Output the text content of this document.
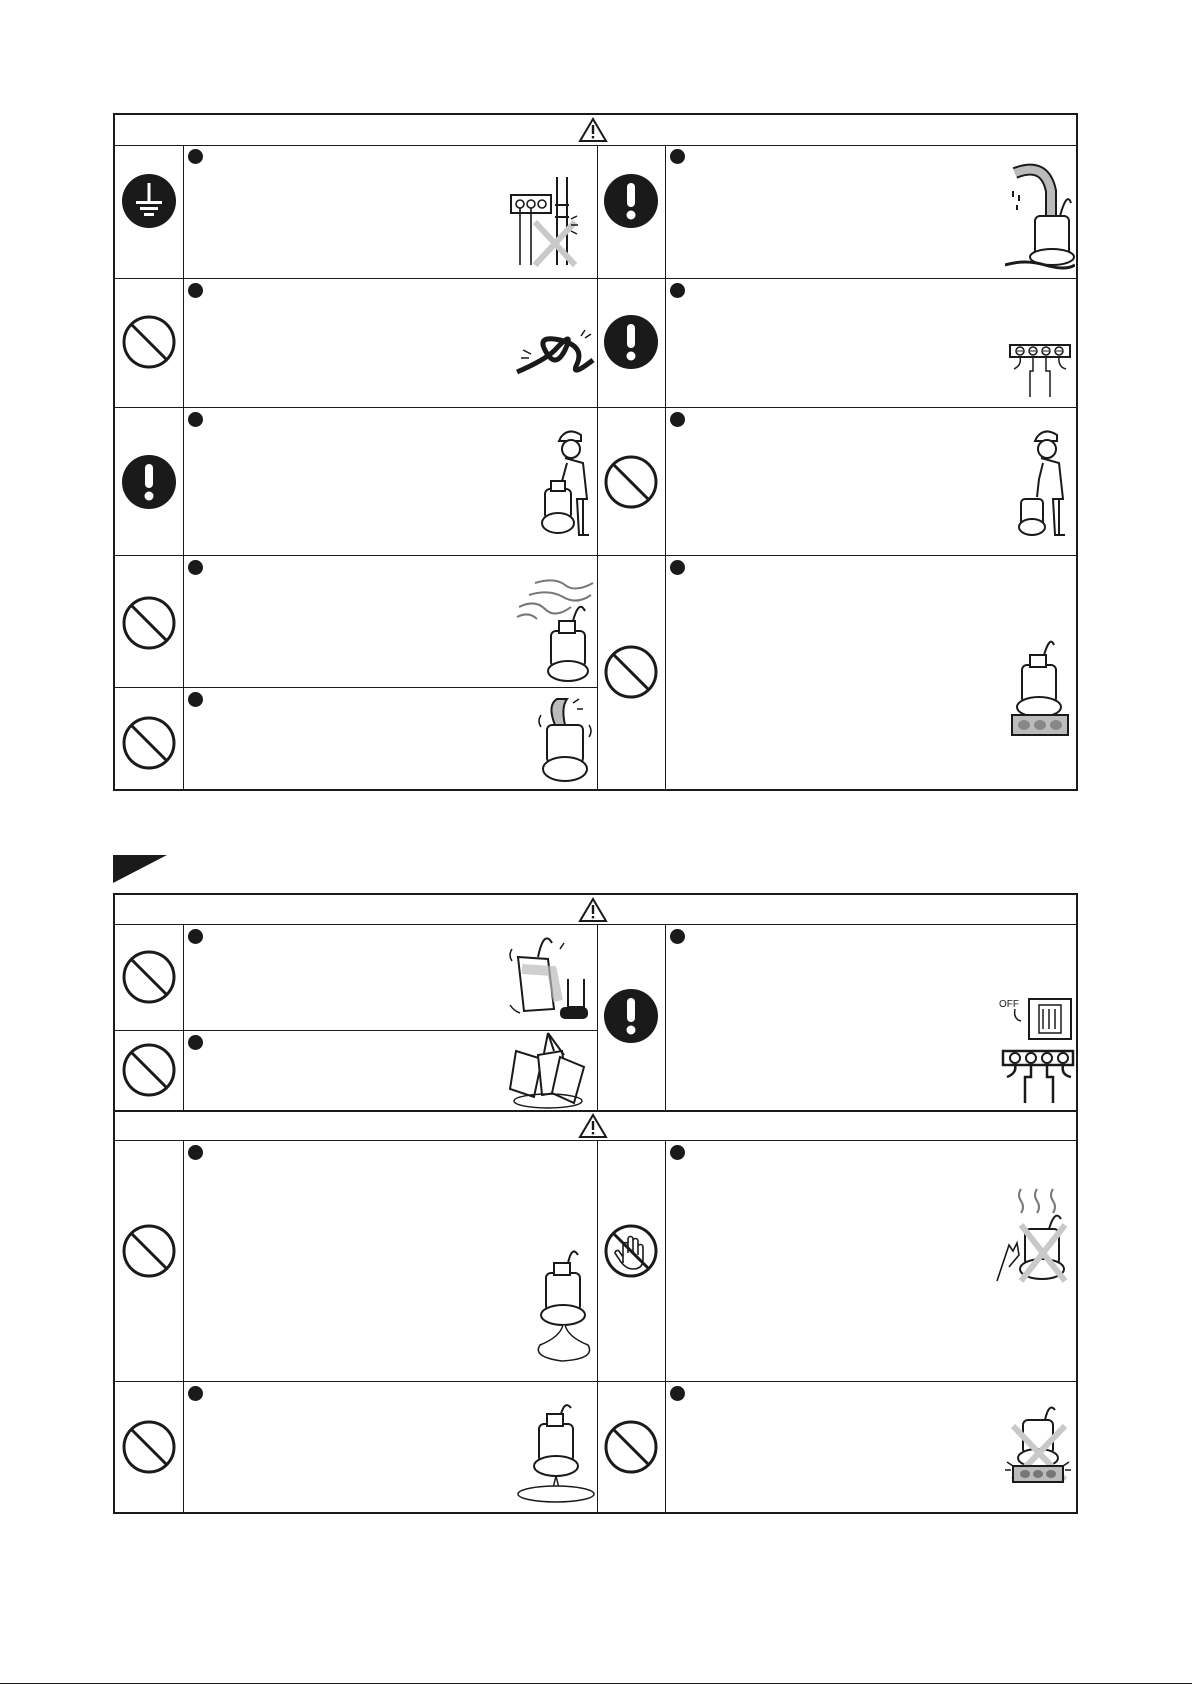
OFF
